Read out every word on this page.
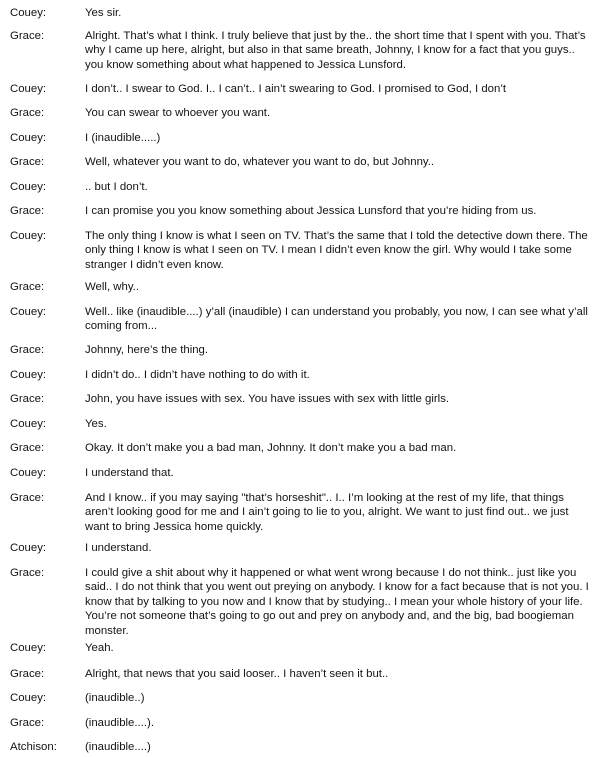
Couey:	Yes sir.
Grace:	Alright. That’s what I think. I truly believe that just by the.. the short time that I spent with you. That’s why I came up here, alright, but also in that same breath, Johnny, I know for a fact that you guys.. you know something about what happened to Jessica Lunsford.
Couey:	I don’t.. I swear to God. I.. I can’t.. I ain’t swearing to God. I promised to God, I don’t
Grace:	You can swear to whoever you want.
Couey:	I (inaudible.....)
Grace:	Well, whatever you want to do, whatever you want to do, but Johnny..
Couey:	.. but I don’t.
Grace:	I can promise you you know something about Jessica Lunsford that you’re hiding from us.
Couey:	The only thing I know is what I seen on TV. That’s the same that I told the detective down there. The only thing I know is what I seen on TV. I mean I didn’t even know the girl. Why would I take some stranger I didn’t even know.
Grace:	Well, why..
Couey:	Well.. like (inaudible....) y’all (inaudible) I can understand you probably, you now, I can see what y’all coming from...
Grace:	Johnny, here’s the thing.
Couey:	I didn’t do.. I didn’t have nothing to do with it.
Grace:	John, you have issues with sex. You have issues with sex with little girls.
Couey:	Yes.
Grace:	Okay. It don’t make you a bad man, Johnny. It don’t make you a bad man.
Couey:	I understand that.
Grace:	And I know.. if you may saying "that’s horseshit".. I.. I’m looking at the rest of my life, that things aren’t looking good for me and I ain’t going to lie to you, alright. We want to just find out.. we just want to bring Jessica home quickly.
Couey:	I understand.
Grace:	I could give a shit about why it happened or what went wrong because I do not think.. just like you said.. I do not think that you went out preying on anybody. I know for a fact because that is not you. I know that by talking to you now and I know that by studying.. I mean your whole history of your life. You’re not someone that’s going to go out and prey on anybody and, and the big, bad boogieman monster.
Couey:	Yeah.
Grace:	Alright, that news that you said looser.. I haven’t seen it but..
Couey:	(inaudible..)
Grace:	(inaudible....).
Atchison: (inaudible....)
